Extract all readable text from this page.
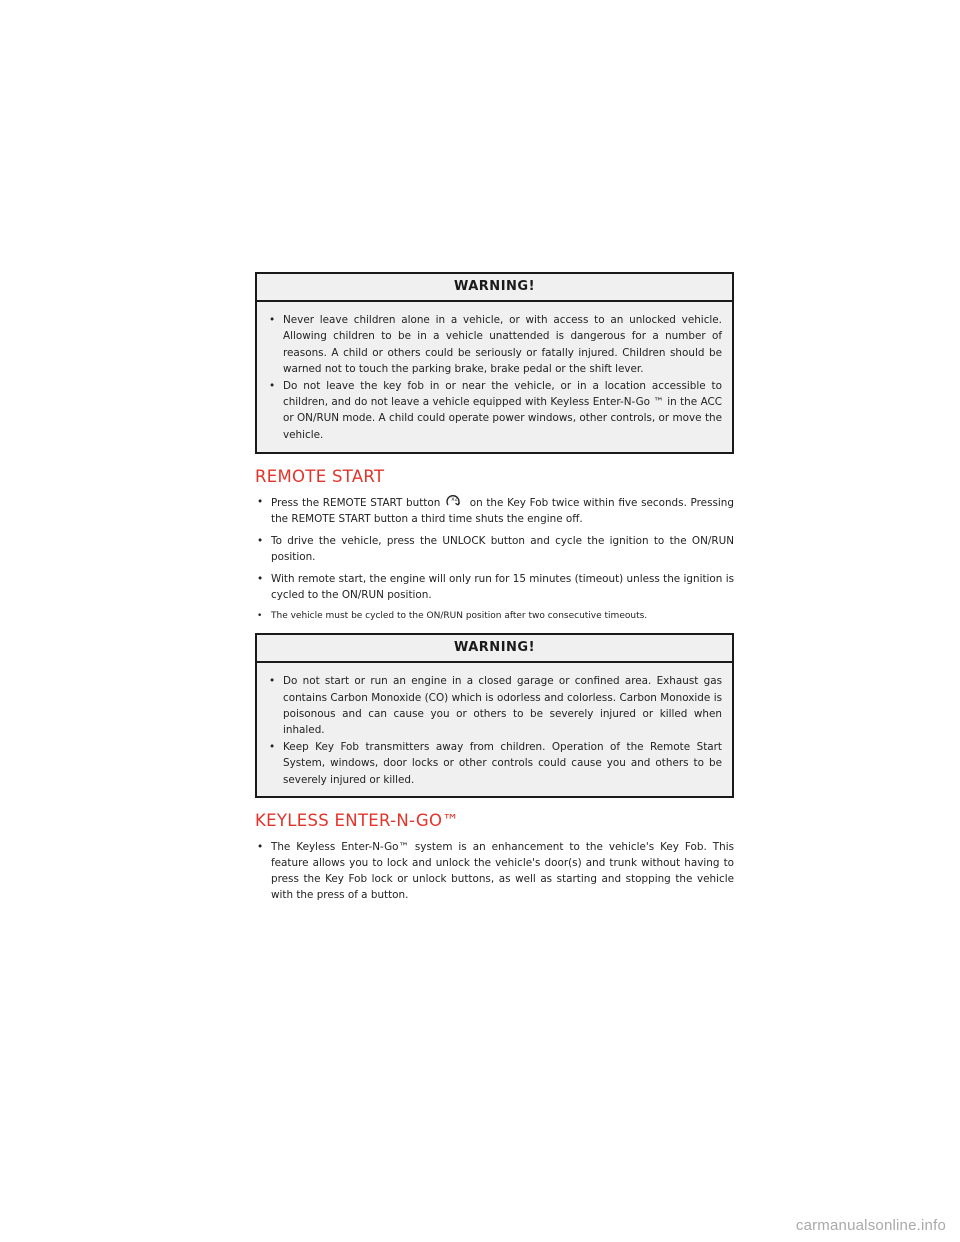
WARNING!
• Never leave children alone in a vehicle, or with access to an unlocked vehicle. Allowing children to be in a vehicle unattended is dangerous for a number of reasons. A child or others could be seriously or fatally injured. Children should be warned not to touch the parking brake, brake pedal or the shift lever.
• Do not leave the key fob in or near the vehicle, or in a location accessible to children, and do not leave a vehicle equipped with Keyless Enter-N-Go ™ in the ACC or ON/RUN mode. A child could operate power windows, other controls, or move the vehicle.
REMOTE START
• Press the REMOTE START button x2 on the Key Fob twice within five seconds. Pressing the REMOTE START button a third time shuts the engine off.
• To drive the vehicle, press the UNLOCK button and cycle the ignition to the ON/RUN position.
• With remote start, the engine will only run for 15 minutes (timeout) unless the ignition is cycled to the ON/RUN position.
• The vehicle must be cycled to the ON/RUN position after two consecutive timeouts.
WARNING!
• Do not start or run an engine in a closed garage or confined area. Exhaust gas contains Carbon Monoxide (CO) which is odorless and colorless. Carbon Monoxide is poisonous and can cause you or others to be severely injured or killed when inhaled.
• Keep Key Fob transmitters away from children. Operation of the Remote Start System, windows, door locks or other controls could cause you and others to be severely injured or killed.
KEYLESS ENTER-N-GO™
• The Keyless Enter-N-Go™ system is an enhancement to the vehicle's Key Fob. This feature allows you to lock and unlock the vehicle's door(s) and trunk without having to press the Key Fob lock or unlock buttons, as well as starting and stopping the vehicle with the press of a button.
carmanualsonline.info
